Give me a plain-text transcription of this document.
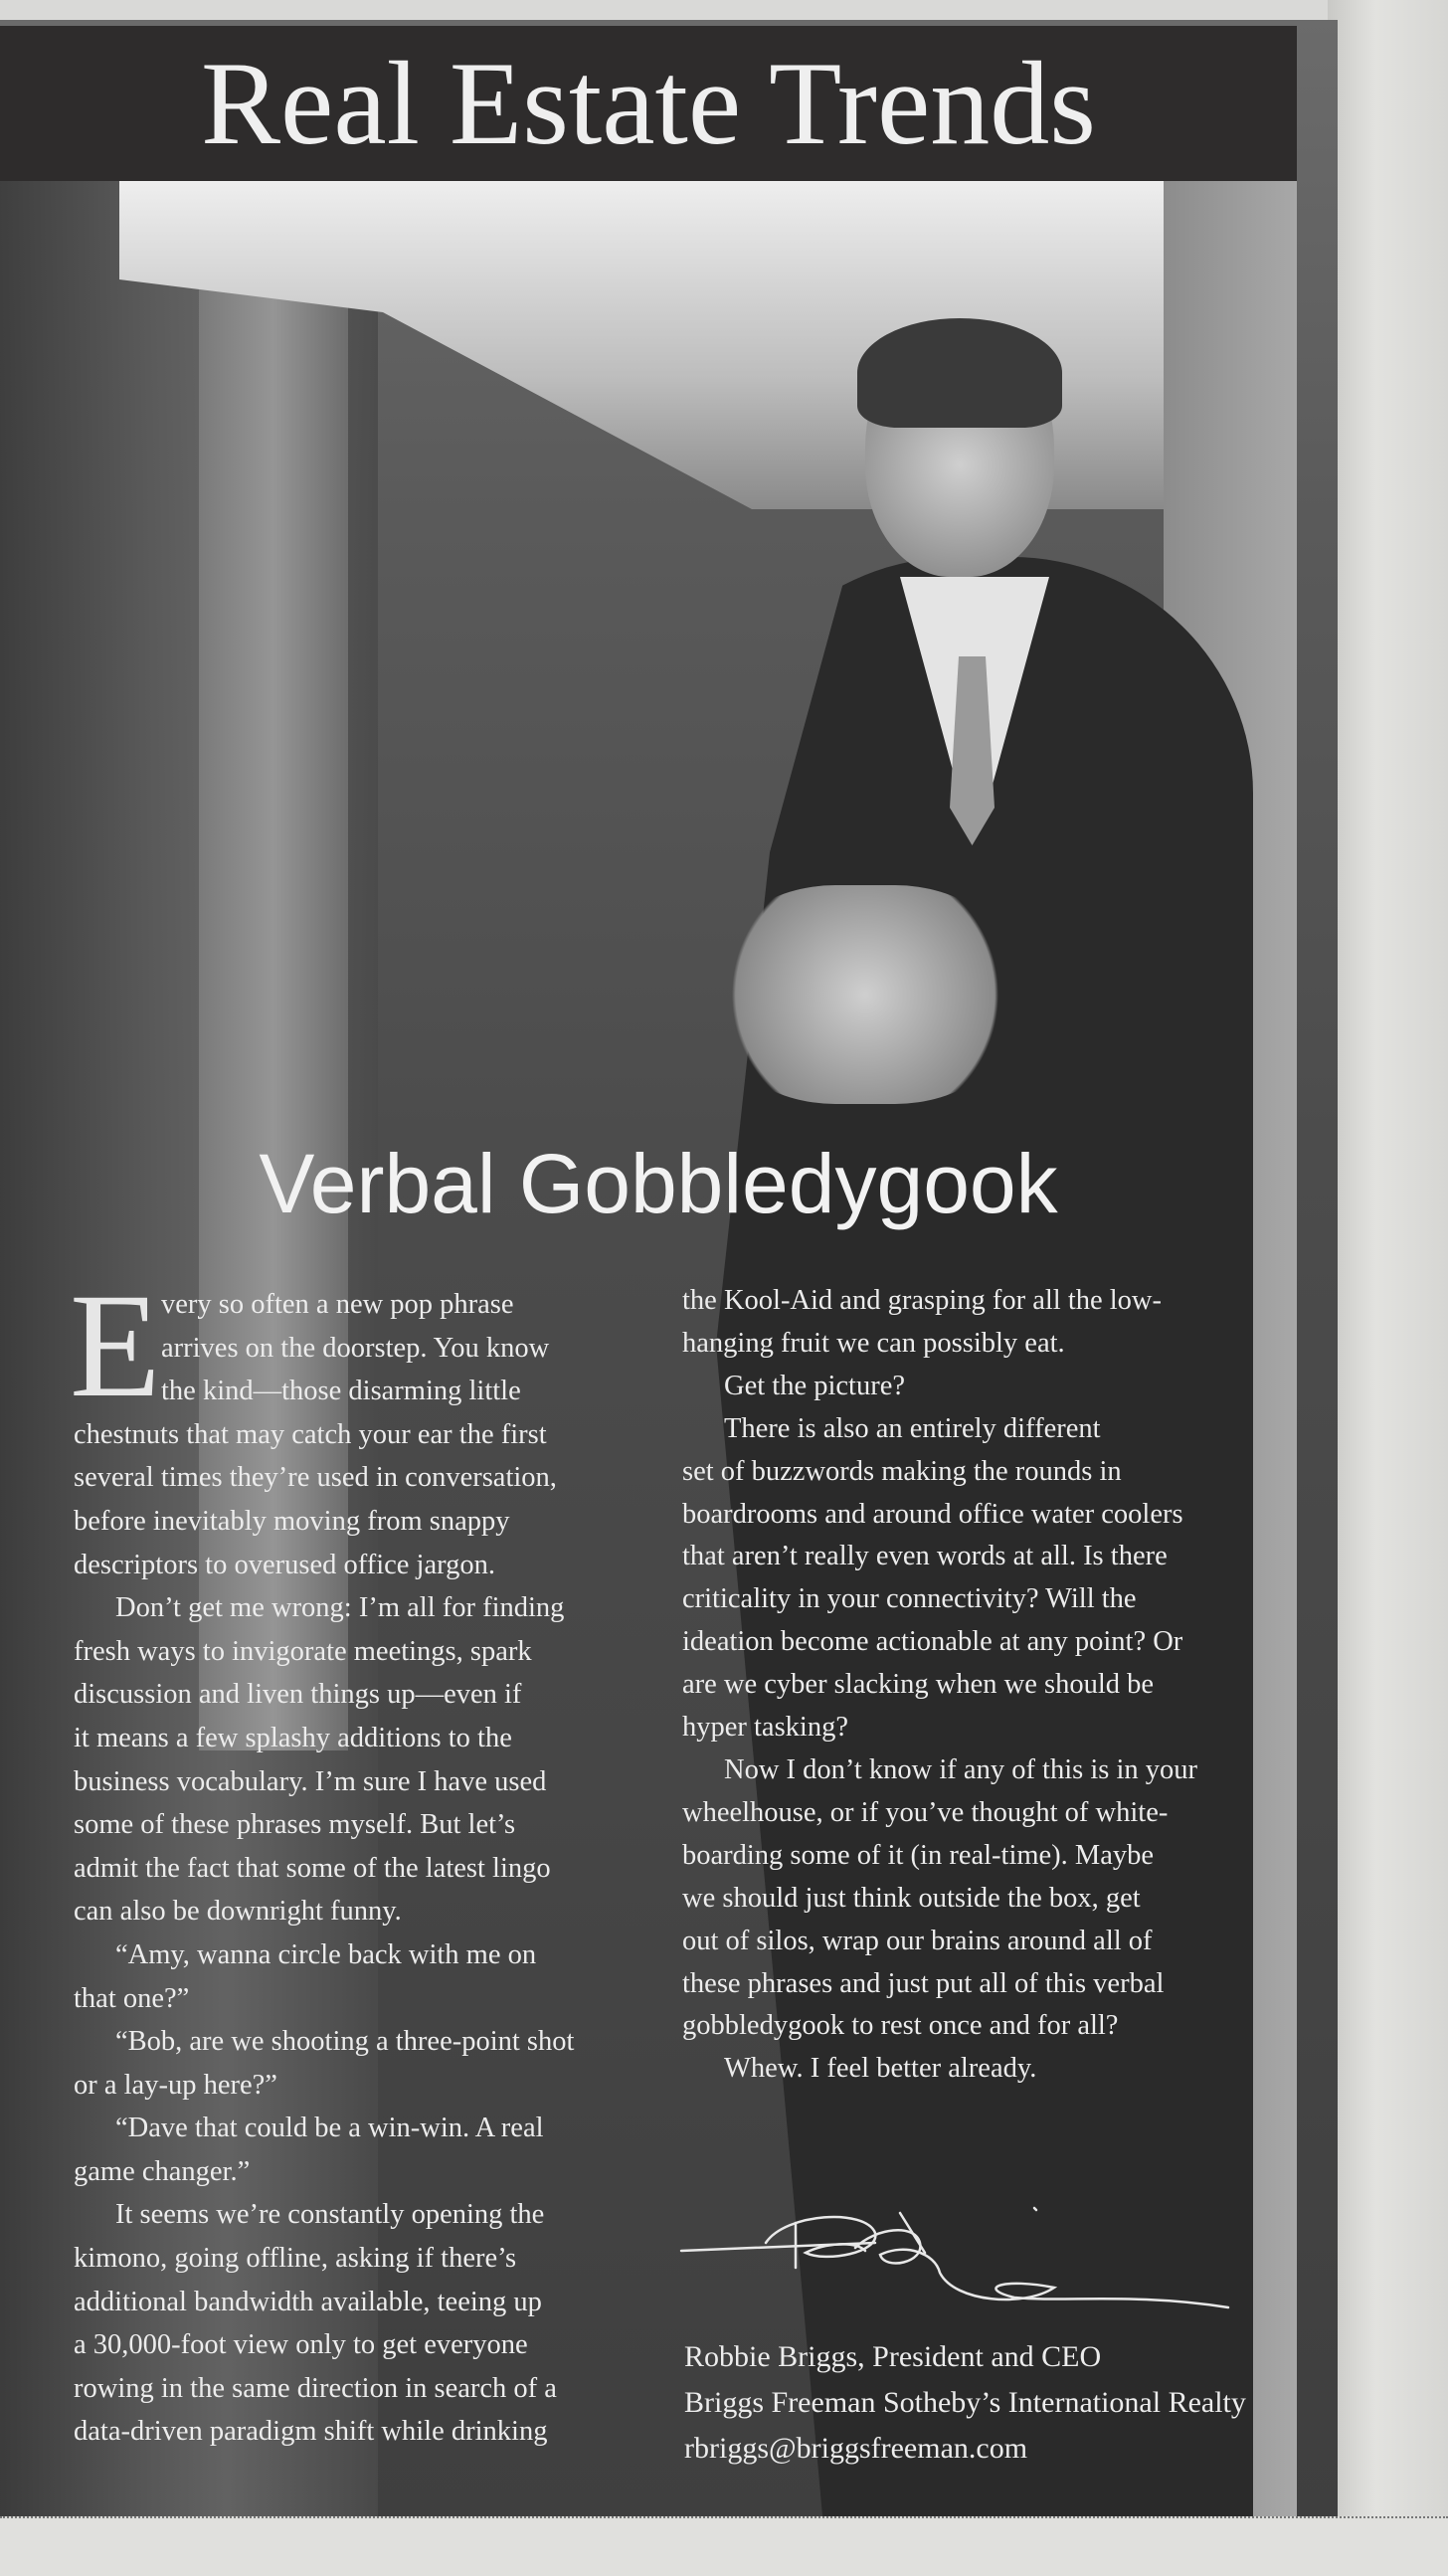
Real Estate Trends
Verbal Gobbledygook
E very so often a new pop phrase
arrives on the doorstep. You know
the kind—those disarming little
chestnuts that may catch your ear the first
several times they’re used in conversation,
before inevitably moving from snappy
descriptors to overused office jargon.
Don’t get me wrong: I’m all for finding
fresh ways to invigorate meetings, spark
discussion and liven things up—even if
it means a few splashy additions to the
business vocabulary. I’m sure I have used
some of these phrases myself. But let’s
admit the fact that some of the latest lingo
can also be downright funny.
“Amy, wanna circle back with me on
that one?”
“Bob, are we shooting a three-point shot
or a lay-up here?”
“Dave that could be a win-win. A real
game changer.”
It seems we’re constantly opening the
kimono, going offline, asking if there’s
additional bandwidth available, teeing up
a 30,000-foot view only to get everyone
rowing in the same direction in search of a
data-driven paradigm shift while drinking
the Kool-Aid and grasping for all the low-
hanging fruit we can possibly eat.
Get the picture?
There is also an entirely different
set of buzzwords making the rounds in
boardrooms and around office water coolers
that aren’t really even words at all. Is there
criticality in your connectivity? Will the
ideation become actionable at any point? Or
are we cyber slacking when we should be
hyper tasking?
Now I don’t know if any of this is in your
wheelhouse, or if you’ve thought of white-
boarding some of it (in real-time). Maybe
we should just think outside the box, get
out of silos, wrap our brains around all of
these phrases and just put all of this verbal
gobbledygook to rest once and for all?
Whew. I feel better already.
Robbie Briggs, President and CEO
Briggs Freeman Sotheby’s International Realty
rbriggs@briggsfreeman.com
